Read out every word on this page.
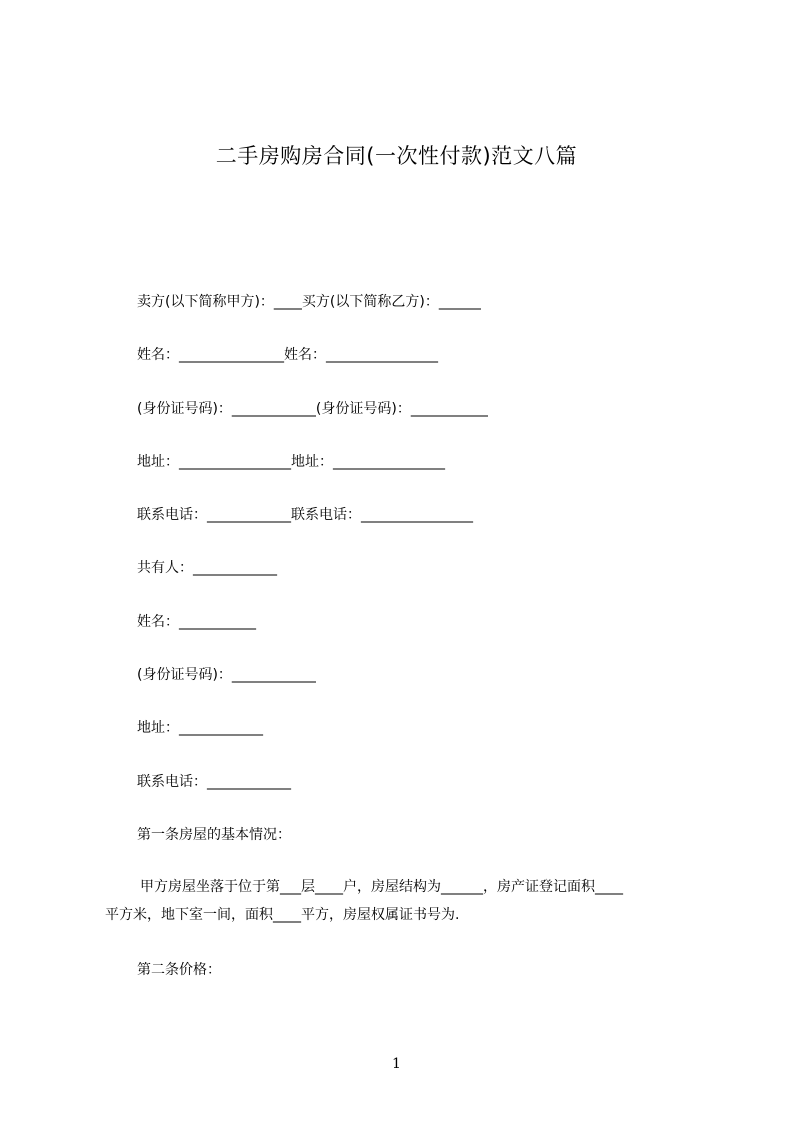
二手房购房合同(一次性付款)范文八篇
卖方(以下简称甲方)：____买方(以下简称乙方)：______
姓名：_______________姓名：________________
(身份证号码)：____________(身份证号码)：___________
地址：________________地址：________________
联系电话：____________联系电话：________________
共有人：____________
姓名：___________
(身份证号码)：____________
地址：____________
联系电话：____________
第一条房屋的基本情况：
甲方房屋坐落于位于第___层____户，房屋结构为______，房产证登记面积____
平方米，地下室一间，面积____平方，房屋权属证书号为.
第二条价格：
1
